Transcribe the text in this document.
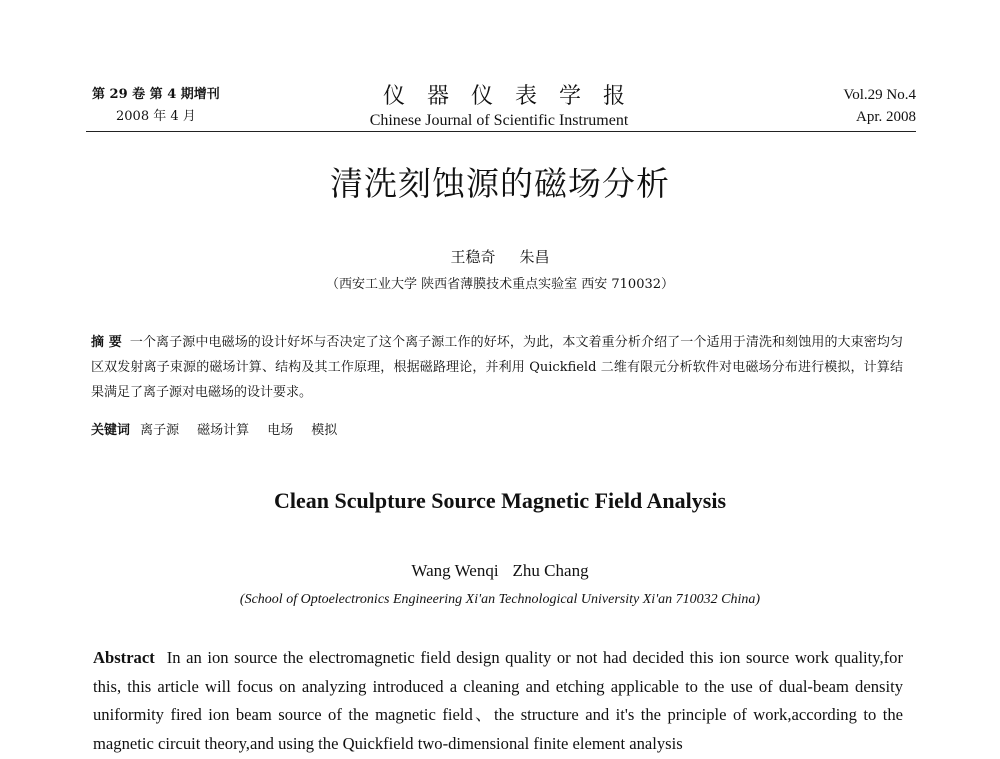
第 29 卷 第 4 期增刊
2008 年 4 月
仪器仪表学报
Chinese Journal of Scientific Instrument
Vol.29 No.4
Apr. 2008
清洗刻蚀源的磁场分析
王稳奇 朱昌
（西安工业大学 陕西省薄膜技术重点实验室 西安 710032）
摘 要 一个离子源中电磁场的设计好坏与否决定了这个离子源工作的好坏，为此，本文着重分析介绍了一个适用于清洗和刻蚀用的大束密均匀区双发射离子束源的磁场计算、结构及其工作原理，根据磁路理论，并利用 Quickfield 二维有限元分析软件对电磁场分布进行模拟，计算结果满足了离子源对电磁场的设计要求。
关键词 离子源 磁场计算 电场 模拟
Clean Sculpture Source Magnetic Field Analysis
Wang Wenqi Zhu Chang
(School of Optoelectronics Engineering Xi'an Technological University Xi'an 710032 China)
Abstract In an ion source the electromagnetic field design quality or not had decided this ion source work quality,for this, this article will focus on analyzing introduced a cleaning and etching applicable to the use of dual-beam density uniformity fired ion beam source of the magnetic field、the structure and it's the principle of work,according to the magnetic circuit theory,and using the Quickfield two-dimensional finite element analysis
